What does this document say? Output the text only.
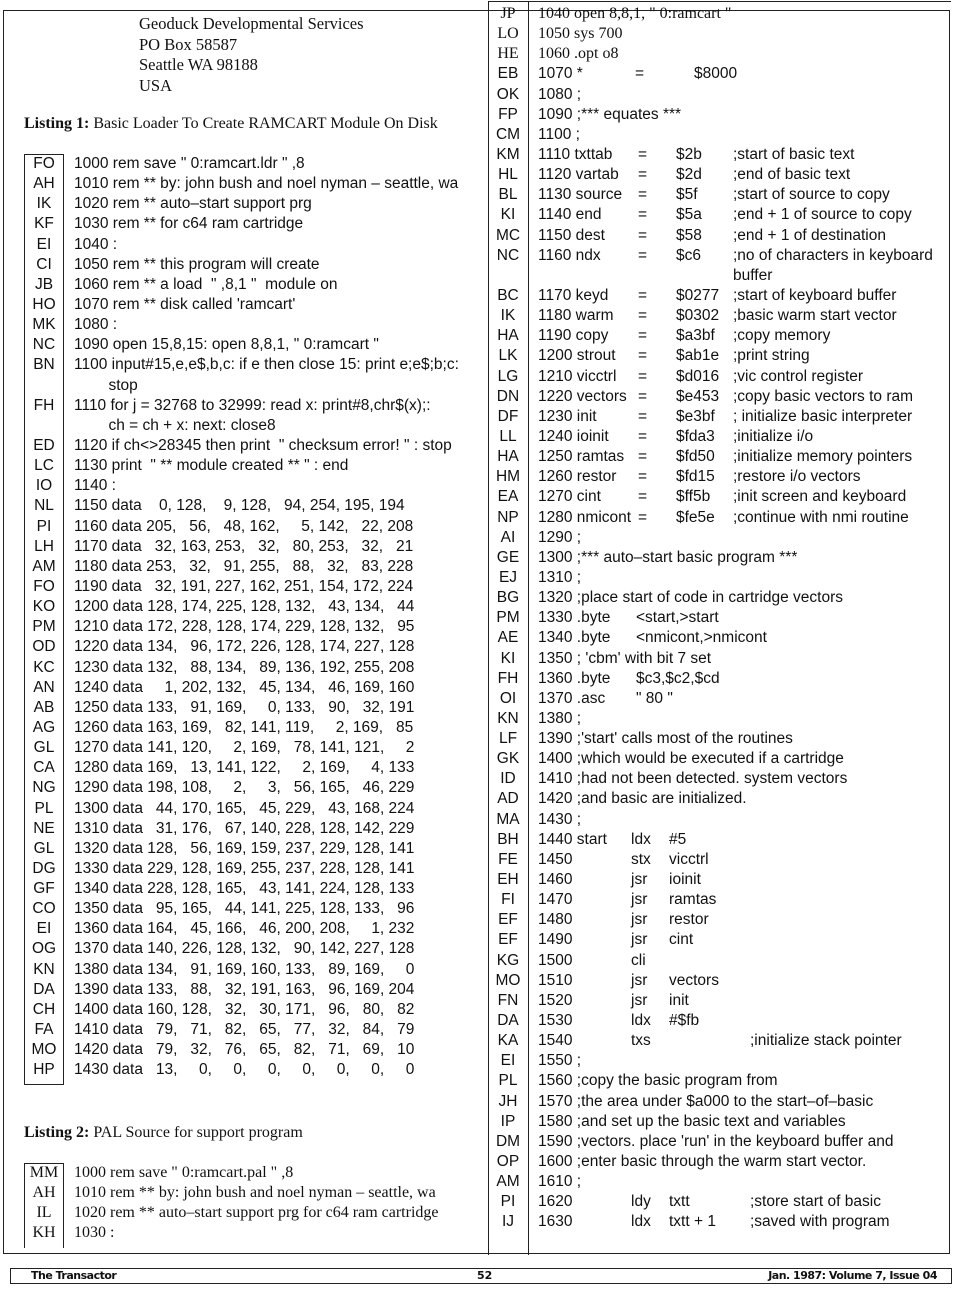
Geoduck Developmental Services
PO Box 58587
Seattle WA 98188
USA
Listing 1: Basic Loader To Create RAMCART Module On Disk
FO	1000 rem save " 0:ramcart.ldr " ,8
AH	1010 rem ** by: john bush and noel nyman – seattle, wa
IK	1020 rem ** auto–start support prg
KF	1030 rem ** for c64 ram cartridge
EI	1040 :
CI	1050 rem ** this program will create
JB	1060 rem ** a load  " ,8,1 "  module on
HO	1070 rem ** disk called 'ramcart'
MK	1080 :
NC	1090 open 15,8,15: open 8,8,1, " 0:ramcart "
BN	1100 input#15,e,e$,b,c: if e then close 15: print e;e$;b;c:
stop
FH	1110 for j = 32768 to 32999: read x: print#8,chr$(x);:
ch = ch + x: next: close8
ED	1120 if ch<>28345 then print  " checksum error! " : stop
LC	1130 print  " ** module created ** " : end
IO	1140 :
NL	1150 data    0, 128,    9, 128,   94, 254, 195, 194
PI	1160 data 205,   56,   48, 162,     5, 142,   22, 208
LH	1170 data   32, 163, 253,   32,   80, 253,   32,   21
AM	1180 data 253,   32,   91, 255,   88,   32,   83, 228
FO	1190 data   32, 191, 227, 162, 251, 154, 172, 224
KO	1200 data 128, 174, 225, 128, 132,   43, 134,   44
PM	1210 data 172, 228, 128, 174, 229, 128, 132,   95
OD	1220 data 134,   96, 172, 226, 128, 174, 227, 128
KC	1230 data 132,   88, 134,   89, 136, 192, 255, 208
AN	1240 data     1, 202, 132,   45, 134,   46, 169, 160
AB	1250 data 133,   91, 169,     0, 133,   90,   32, 191
AG	1260 data 163, 169,   82, 141, 119,     2, 169,   85
GL	1270 data 141, 120,     2, 169,   78, 141, 121,     2
CA	1280 data 169,   13, 141, 122,     2, 169,     4, 133
NG	1290 data 198, 108,     2,     3,   56, 165,   46, 229
PL	1300 data   44, 170, 165,   45, 229,   43, 168, 224
NE	1310 data   31, 176,   67, 140, 228, 128, 142, 229
GL	1320 data 128,   56, 169, 159, 237, 229, 128, 141
DG	1330 data 229, 128, 169, 255, 237, 228, 128, 141
GF	1340 data 228, 128, 165,   43, 141, 224, 128, 133
CO	1350 data   95, 165,   44, 141, 225, 128, 133,   96
EI	1360 data 164,   45, 166,   46, 200, 208,     1, 232
OG	1370 data 140, 226, 128, 132,   90, 142, 227, 128
KN	1380 data 134,   91, 169, 160, 133,   89, 169,     0
DA	1390 data 133,   88,   32, 191, 163,   96, 169, 204
CH	1400 data 160, 128,   32,   30, 171,   96,   80,   82
FA	1410 data   79,   71,   82,   65,   77,   32,   84,   79
MO	1420 data   79,   32,   76,   65,   82,   71,   69,   10
HP	1430 data   13,     0,     0,     0,     0,     0,     0,     0
Listing 2: PAL Source for support program
MM 1000 rem save " 0:ramcart.pal " ,8
AH	1010 rem ** by: john bush and noel nyman – seattle, wa
IL	1020 rem ** auto–start support prg for c64 ram cartridge
KH	1030 :
JP	1040 open 8,8,1, " 0:ramcart "
LO	1050 sys 700
HE	1060 .opt o8
EB	1070 *	=	$8000
OK	1080 ;
FP	1090 ;*** equates ***
CM	1100 ;
KM	1110 txttab = $2b ;start of basic text
HL	1120 vartab = $2d ;end of basic text
BL	1130 source = $5f ;start of source to copy
KI	1140 end = $5a ;end + 1 of source to copy
MC	1150 dest = $58 ;end + 1 of destination
NC	1160 ndx = $c6 ;no of characters in keyboard
buffer
BC	1170 keyd = $0277 ;start of keyboard buffer
IK	1180 warm = $0302 ;basic warm start vector
HA	1190 copy = $a3bf ;copy memory
LK	1200 strout = $ab1e ;print string
LG	1210 vicctrl = $d016 ;vic control register
DN	1220 vectors = $e453 ;copy basic vectors to ram
DF	1230 init	= $e3bf ; initialize basic interpreter
LL	1240 ioinit = $fda3 ;initialize i/o
HA	1250 ramtas = $fd50 ;initialize memory pointers
HM	1260 restor = $fd15 ;restore i/o vectors
EA	1270 cint = $ff5b ;init screen and keyboard
NP	1280 nmicont = $fe5e ;continue with nmi routine
AI	1290 ;
GE	1300 ;*** auto–start basic program ***
EJ	1310 ;
BG	1320 ;place start of code in cartridge vectors
PM	1330 .byte <start,>start
AE	1340 .byte <nmicont,>nmicont
KI	1350 ; 'cbm' with bit 7 set
FH	1360 .byte $c3,$c2,$cd
OI	1370 .asc " 80 "
KN	1380 ;
LF	1390 ;'start' calls most of the routines
GK	1400 ;which would be executed if a cartridge
ID	1410 ;had not been detected. system vectors
AD	1420 ;and basic are initialized.
MA	1430 ;
BH	1440 start ldx #5
FE	1450	stx vicctrl
EH	1460	jsr ioinit
FI	1470	jsr ramtas
EF	1480	jsr restor
EF	1490	jsr cint
KG	1500	cli
MO	1510	jsr vectors
FN	1520	jsr init
DA	1530	ldx #$fb
KA	1540	txs	;initialize stack pointer
EI	1550 ;
PL	1560 ;copy the basic program from
JH	1570 ;the area under $a000 to the start–of–basic
IP	1580 ;and set up the basic text and variables
DM	1590 ;vectors. place 'run' in the keyboard buffer and
OP	1600 ;enter basic through the warm start vector.
AM	1610 ;
PI	1620	ldy txtt	;store start of basic
IJ	1630	ldx txtt + 1 ;saved with program
The Transactor	52	Jan. 1987: Volume 7, Issue 04
